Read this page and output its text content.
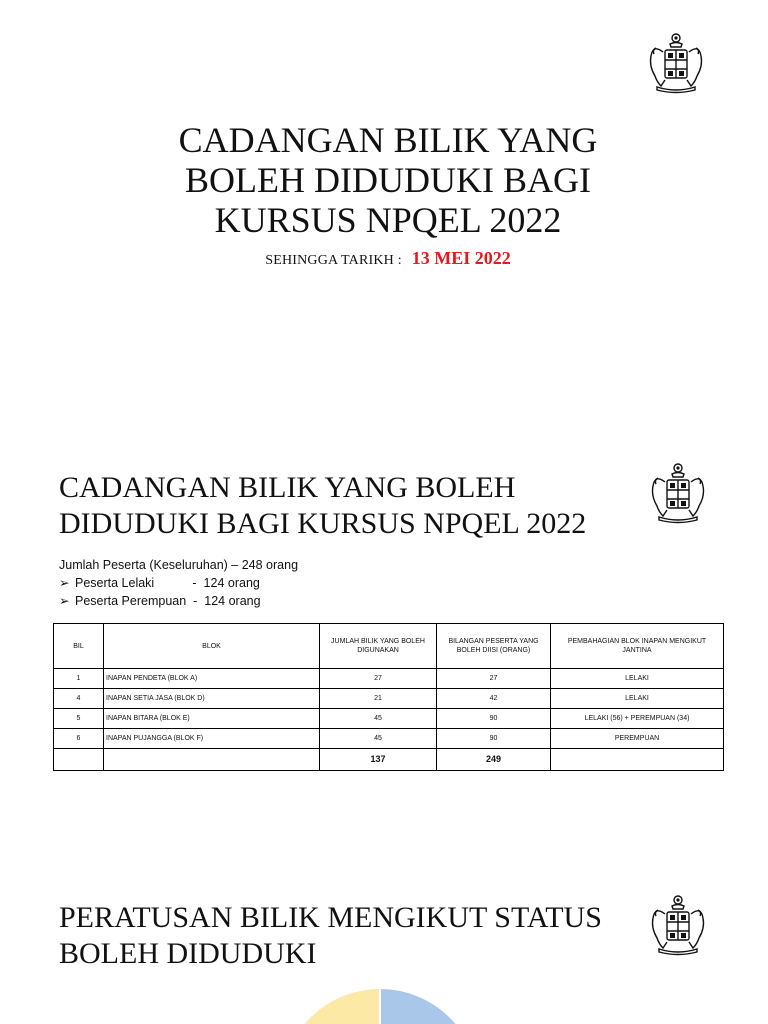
CADANGAN BILIK YANG
BOLEH DIDUDUKI BAGI
KURSUS NPQEL 2022
SEHINGGA TARIKH : 13 MEI 2022
CADANGAN BILIK YANG BOLEH
DIDUDUKI BAGI KURSUS NPQEL 2022
Jumlah Peserta (Keseluruhan) – 248 orang
➢ Peserta Lelaki	- 124 orang
➢ Peserta Perempuan - 124 orang
BIL	BLOK	JUMLAH BILIK YANG BOLEH DIGUNAKAN	BILANGAN PESERTA YANG BOLEH DIISI (ORANG)	PEMBAHAGIAN BLOK INAPAN MENGIKUT JANTINA
1	INAPAN PENDETA (BLOK A)	27	27	LELAKI
4	INAPAN SETIA JASA (BLOK D)	21	42	LELAKI
5	INAPAN BITARA (BLOK E)	45	90	LELAKI (56) + PEREMPUAN (34)
6	INAPAN PUJANGGA (BLOK F)	45	90	PEREMPUAN
		137	249	
PERATUSAN BILIK MENGIKUT STATUS
BOLEH DIDUDUKI
